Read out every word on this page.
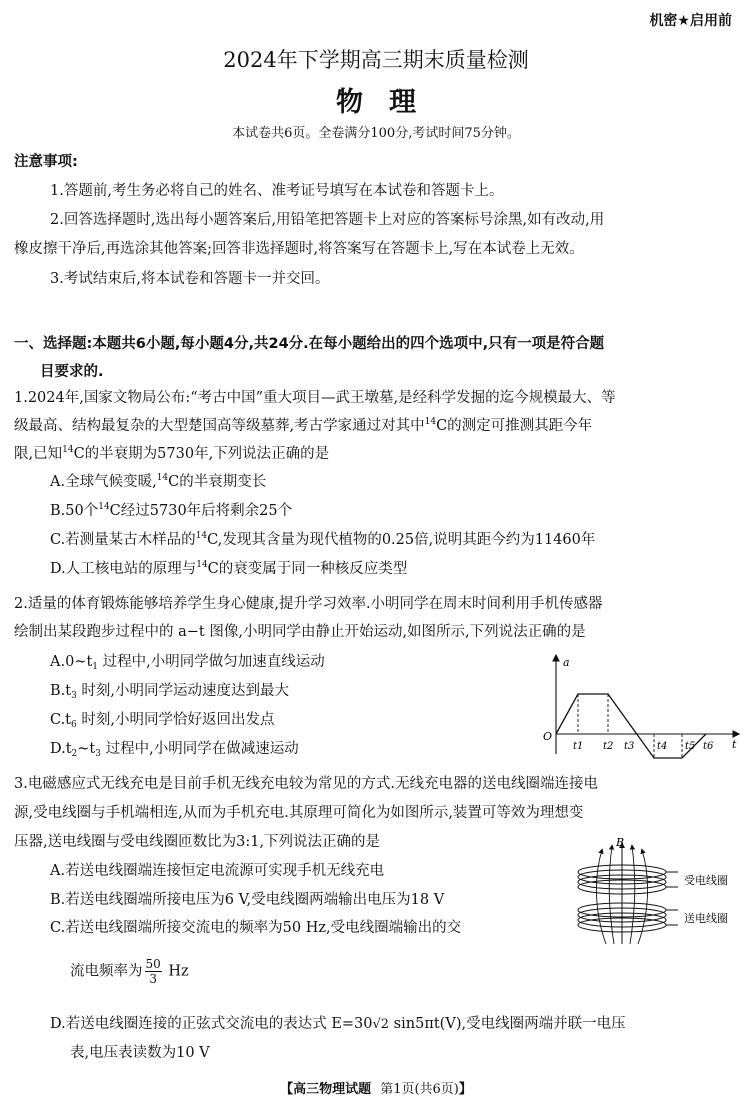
机密★启用前
2024年下学期高三期末质量检测
物理
本试卷共6页。全卷满分100分,考试时间75分钟。
注意事项:
1.答题前,考生务必将自己的姓名、准考证号填写在本试卷和答题卡上。
2.回答选择题时,选出每小题答案后,用铅笔把答题卡上对应的答案标号涂黑,如有改动,用
橡皮擦干净后,再选涂其他答案;回答非选择题时,将答案写在答题卡上,写在本试卷上无效。
3.考试结束后,将本试卷和答题卡一并交回。
一、选择题:本题共6小题,每小题4分,共24分.在每小题给出的四个选项中,只有一项是符合题
目要求的.
1.2024年,国家文物局公布:“考古中国”重大项目—武王墩墓,是经科学发掘的迄今规模最大、等
级最高、结构最复杂的大型楚国高等级墓葬,考古学家通过对其中$^{14}$C的测定可推测其距今年
限,已知$^{14}$C的半衰期为5730年,下列说法正确的是
A.全球气候变暖,$^{14}$C的半衰期变长
B.50个$^{14}$C经过5730年后将剩余25个
C.若测量某古木样品的$^{14}$C,发现其含量为现代植物的0.25倍,说明其距今约为11460年
D.人工核电站的原理与$^{14}$C的衰变属于同一种核反应类型
2.适量的体育锻炼能够培养学生身心健康,提升学习效率.小明同学在周末时间利用手机传感器
绘制出某段跑步过程中的 a−t 图像,小明同学由静止开始运动,如图所示,下列说法正确的是
$A.0\sim t_1$ 过程中,小明同学做匀加速直线运动
$B.t_3$ 时刻,小明同学运动速度达到最大
$C.t_6$ 时刻,小明同学恰好返回出发点
$D.t_2\sim t_3$ 过程中,小明同学在做减速运动
a
t
O
t1 t2 t3 t4 t5 t6
3.电磁感应式无线充电是目前手机无线充电较为常见的方式.无线充电器的送电线圈端连接电
源,受电线圈与手机端相连,从而为手机充电.其原理可简化为如图所示,装置可等效为理想变
压器,送电线圈与受电线圈匝数比为3:1,下列说法正确的是
A.若送电线圈端连接恒定电流源可实现手机无线充电
B.若送电线圈端所接电压为6 V,受电线圈两端输出电压为18 V
C.若送电线圈端所接交流电的频率为50 Hz,受电线圈端输出的交
流电频率为 $\frac{50}{3}$ Hz
D.若送电线圈连接的正弦式交流电的表达式 E=30√2 sin5πt(V),受电线圈两端并联一电压
表,电压表读数为10 V
B
受电线圈
送电线圈
【高三物理试题 第1页(共6页)】
